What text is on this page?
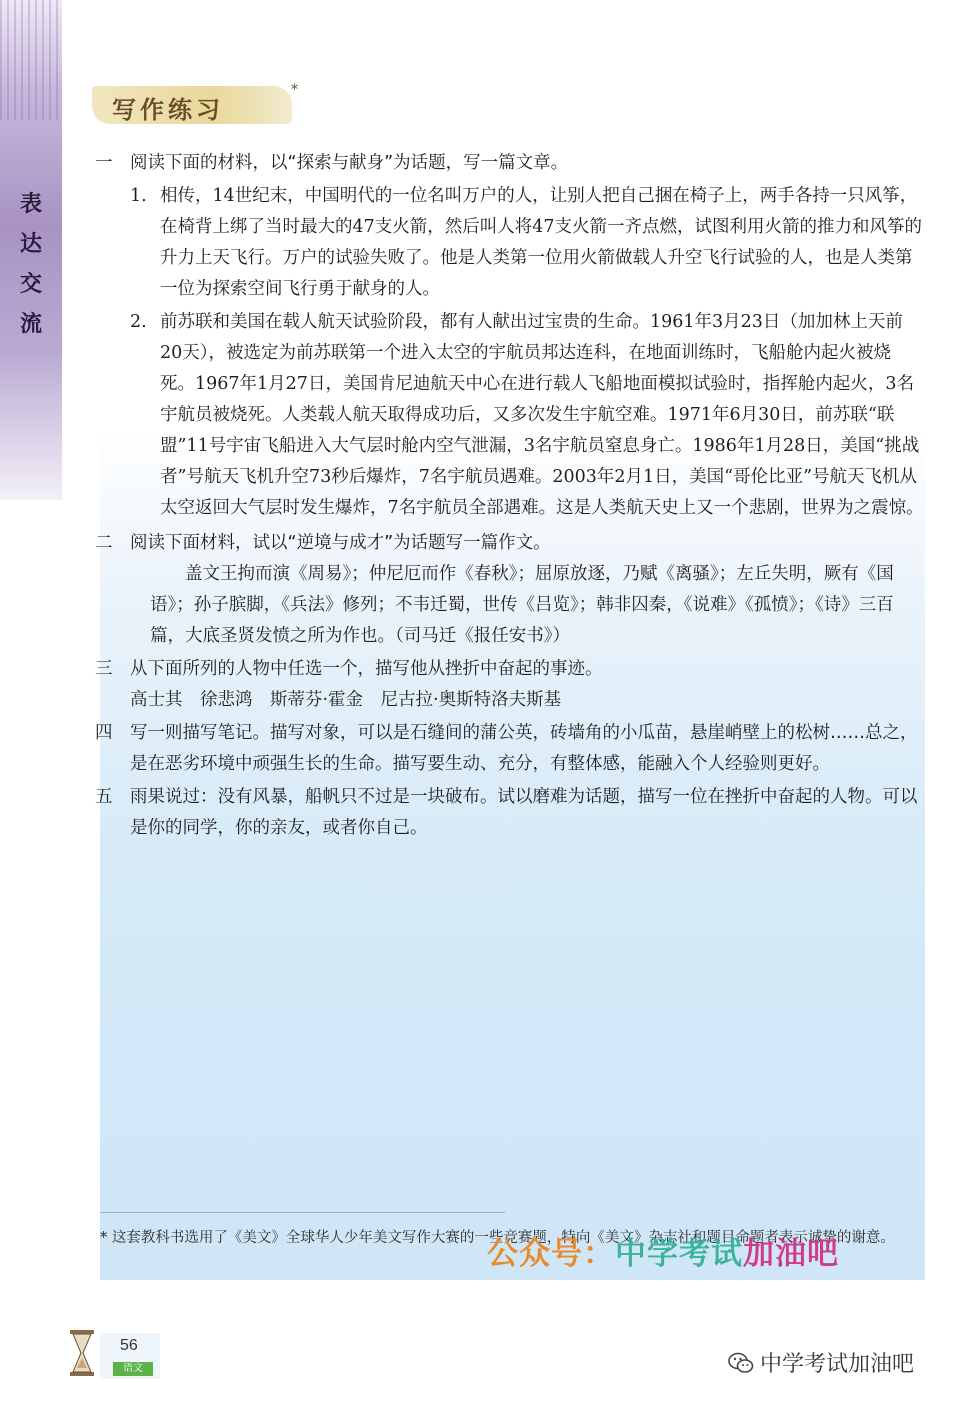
表达交流
写作练习
*
一	阅读下面的材料，以“探索与献身”为话题，写一篇文章。
1. 相传，14世纪末，中国明代的一位名叫万户的人，让别人把自己捆在椅子上，两手各持一只风筝，在椅背上绑了当时最大的47支火箭，然后叫人将47支火箭一齐点燃，试图利用火箭的推力和风筝的升力上天飞行。万户的试验失败了。他是人类第一位用火箭做载人升空飞行试验的人，也是人类第一位为探索空间飞行勇于献身的人。
2. 前苏联和美国在载人航天试验阶段，都有人献出过宝贵的生命。1961年3月23日（加加林上天前20天），被选定为前苏联第一个进入太空的宇航员邦达连科，在地面训练时，飞船舱内起火被烧死。1967年1月27日，美国肯尼迪航天中心在进行载人飞船地面模拟试验时，指挥舱内起火，3名宇航员被烧死。人类载人航天取得成功后，又多次发生宇航空难。1971年6月30日，前苏联“联盟”11号宇宙飞船进入大气层时舱内空气泄漏，3名宇航员窒息身亡。1986年1月28日，美国“挑战者”号航天飞机升空73秒后爆炸，7名宇航员遇难。2003年2月1日，美国“哥伦比亚”号航天飞机从太空返回大气层时发生爆炸，7名宇航员全部遇难。这是人类航天史上又一个悲剧，世界为之震惊。
二	阅读下面材料，试以“逆境与成才”为话题写一篇作文。
盖文王拘而演《周易》；仲尼厄而作《春秋》；屈原放逐，乃赋《离骚》；左丘失明，厥有《国语》；孙子膑脚，《兵法》修列；不韦迁蜀，世传《吕览》；韩非囚秦，《说难》《孤愤》；《诗》三百篇，大底圣贤发愤之所为作也。（司马迁《报任安书》）
三	从下面所列的人物中任选一个，描写他从挫折中奋起的事迹。
高士其　徐悲鸿　斯蒂芬·霍金　尼古拉·奥斯特洛夫斯基
四	写一则描写笔记。描写对象，可以是石缝间的蒲公英，砖墙角的小瓜苗，悬崖峭壁上的松树……总之，是在恶劣环境中顽强生长的生命。描写要生动、充分，有整体感，能融入个人经验则更好。
五	雨果说过：没有风暴，船帆只不过是一块破布。试以磨难为话题，描写一位在挫折中奋起的人物。可以是你的同学，你的亲友，或者你自己。
* 这套教科书选用了《美文》全球华人少年美文写作大赛的一些竞赛题，特向《美文》杂志社和题目命题者表示诚挚的谢意。
公众号：中学考试加油吧
56
语文	中学考试加油吧
